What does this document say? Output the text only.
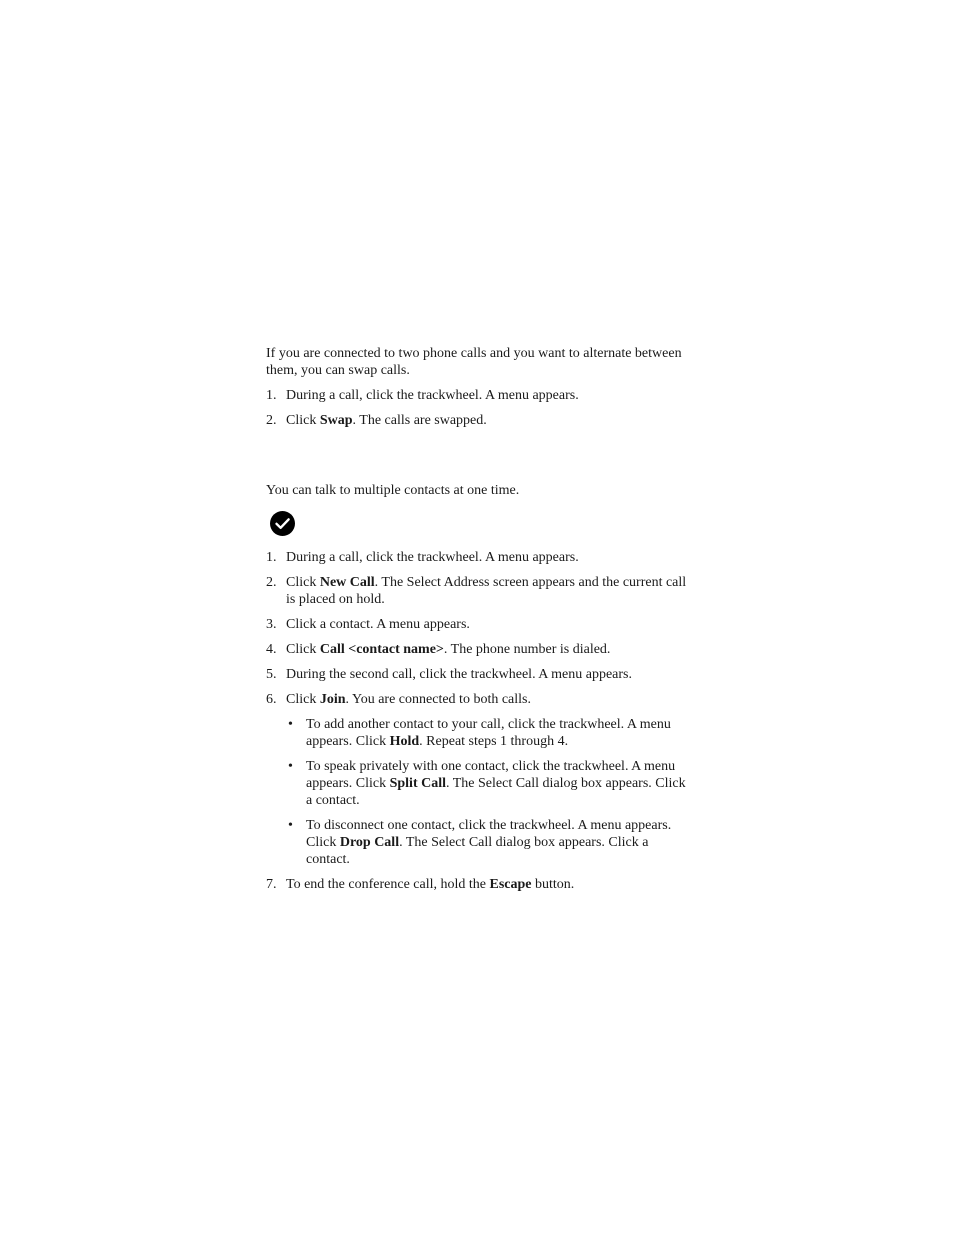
If you are connected to two phone calls and you want to alternate between them, you can swap calls.

1. During a call, click the trackwheel. A menu appears.
2. Click Swap. The calls are swapped.

You can talk to multiple contacts at one time.

1. During a call, click the trackwheel. A menu appears.
2. Click New Call. The Select Address screen appears and the current call is placed on hold.
3. Click a contact. A menu appears.
4. Click Call <contact name>. The phone number is dialed.
5. During the second call, click the trackwheel. A menu appears.
6. Click Join. You are connected to both calls.
• To add another contact to your call, click the trackwheel. A menu appears. Click Hold. Repeat steps 1 through 4.
• To speak privately with one contact, click the trackwheel. A menu appears. Click Split Call. The Select Call dialog box appears. Click a contact.
• To disconnect one contact, click the trackwheel. A menu appears. Click Drop Call. The Select Call dialog box appears. Click a contact.
7. To end the conference call, hold the Escape button.
